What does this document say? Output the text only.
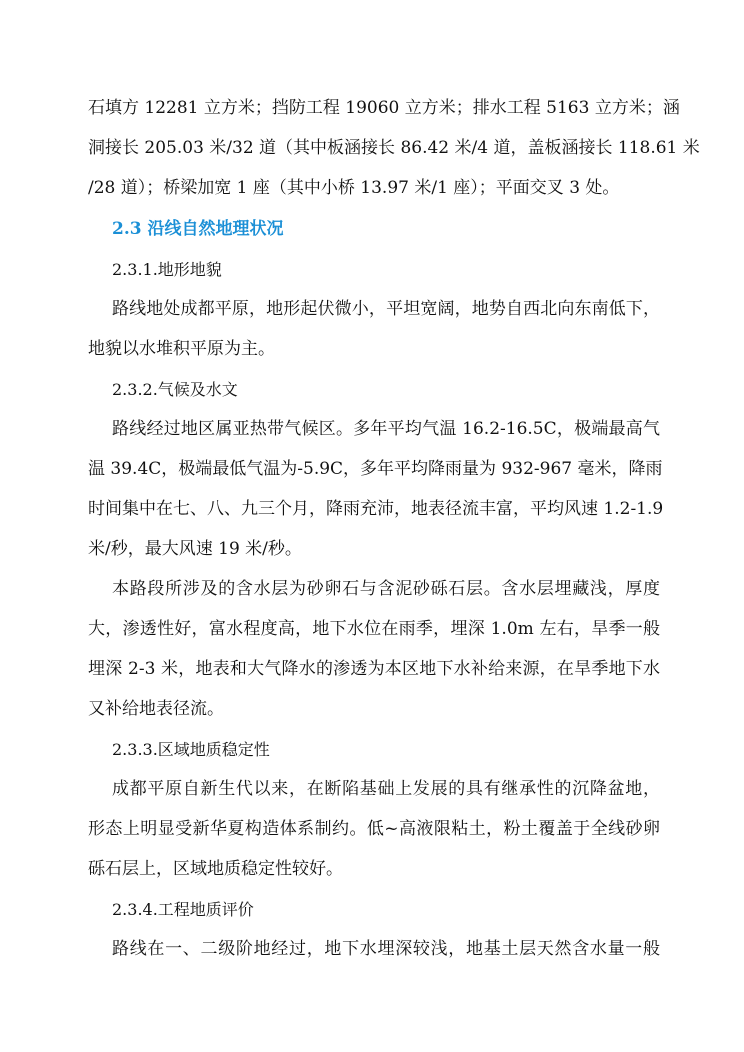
石填方 12281 立方米；挡防工程 19060 立方米；排水工程 5163 立方米；涵
洞接长 205.03 米/32 道（其中板涵接长 86.42 米/4 道，盖板涵接长 118.61 米
/28 道）；桥梁加宽 1 座（其中小桥 13.97 米/1 座）；平面交叉 3 处。
2.3 沿线自然地理状况
2.3.1.地形地貌
路线地处成都平原，地形起伏微小，平坦宽阔，地势自西北向东南低下，
地貌以水堆积平原为主。
2.3.2.气候及水文
路线经过地区属亚热带气候区。多年平均气温 16.2-16.5C，极端最高气
温 39.4C，极端最低气温为-5.9C，多年平均降雨量为 932-967 毫米，降雨
时间集中在七、八、九三个月，降雨充沛，地表径流丰富，平均风速 1.2-1.9
米/秒，最大风速 19 米/秒。
本路段所涉及的含水层为砂卵石与含泥砂砾石层。含水层埋藏浅，厚度
大，渗透性好，富水程度高，地下水位在雨季，埋深 1.0m 左右，旱季一般
埋深 2-3 米，地表和大气降水的渗透为本区地下水补给来源，在旱季地下水
又补给地表径流。
2.3.3.区域地质稳定性
成都平原自新生代以来，在断陷基础上发展的具有继承性的沉降盆地，
形态上明显受新华夏构造体系制约。低~高液限粘土，粉土覆盖于全线砂卵
砾石层上，区域地质稳定性较好。
2.3.4.工程地质评价
路线在一、二级阶地经过，地下水埋深较浅，地基土层天然含水量一般
